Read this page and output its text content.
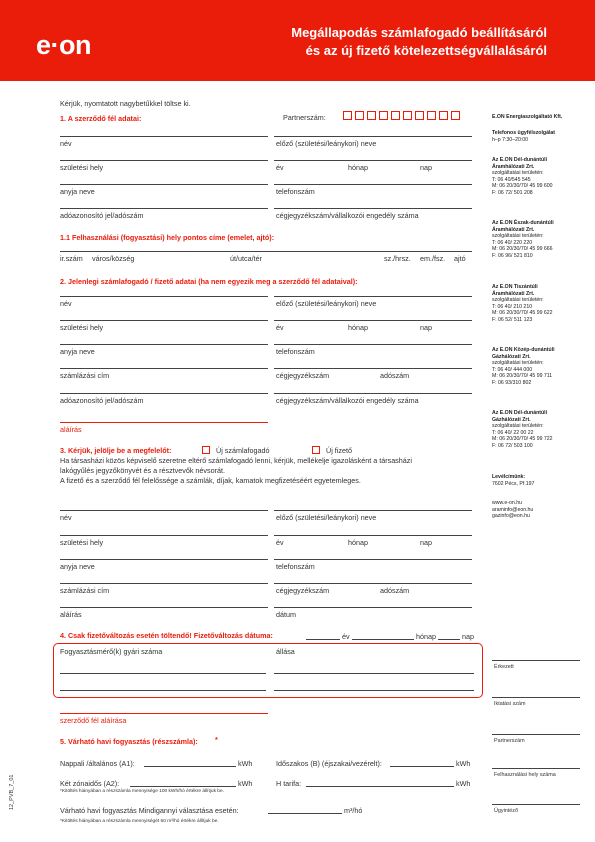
e·on	Megállapodás számlafogadó beállításáról
és az új fizető kötelezettségvállalásáról
Kérjük, nyomtatott nagybetűkkel töltse ki.
1. A szerződő fél adatai:	Partnerszám:
név	előző (születési/leánykori) neve
születési hely	év	hónap	nap
anyja neve	telefonszám
adóazonosító jel/adószám	cégjegyzékszám/vállalkozói engedély száma
1.1 Felhasználási (fogyasztási) hely pontos címe (emelet, ajtó):
ir.szám város/község	út/utca/tér	sz./hrsz. em./fsz. ajtó
2. Jelenlegi számlafogadó / fizető adatai (ha nem egyezik meg a szerződő fél adataival):
név	előző (születési/leánykori) neve
születési hely	év	hónap	nap
anyja neve	telefonszám
számlázási cím	cégjegyzékszám	adószám
adóazonosító jel/adószám	cégjegyzékszám/vállalkozói engedély száma
aláírás
3. Kérjük, jelölje be a megfelelőt:	Új számlafogadó	Új fizető
Ha társasházi közös képviselő szeretne eltérő számlafogadó lenni, kérjük, mellékelje igazolásként a társasházi
lakógyűlés jegyzőkönyvét és a résztvevők névsorát.
A fizető és a szerződő fél felelőssége a számlák, díjak, kamatok megfizetéséért egyetemleges.
név	előző (születési/leánykori) neve
születési hely	év	hónap	nap
anyja neve	telefonszám
számlázási cím	cégjegyzékszám	adószám
aláírás	dátum
4. Csak fizetőváltozás esetén töltendő! Fizetőváltozás dátuma:	év	hónap	nap
Fogyasztásmérő(k) gyári száma	állása
szerződő fél aláírása
5. Várható havi fogyasztás (részszámla): *
Nappali /általános (A1):	kWh	Időszakos (B) (éjszakai/vezérelt):	kWh
Két zónaidős (A2):	kWh	H tarifa:	kWh
*Kitöltés hiányában a részszámla mennyisége 100 kWh/hó értékre állítjuk be.
Várható havi fogyasztás Mindigannyi választása esetén:	m³/hó
*Kitöltés hiányában a részszámla mennyiségét 50 m³/hó értékre állítjuk be.
E.ON Energiaszolgáltató Kft.
Telefonos ügyfélszolgálat
h–p 7:30–20:00
Az E.ON Dél-dunántúli
Áramhálózati Zrt.
szolgáltatási területén:
T: 06 40/545 545
M: 06 20/30/70/ 45 99 600
F: 06 72/ 501 208
Az E.ON Észak-dunántúli
Áramhálózati Zrt.
szolgáltatási területén:
T: 06 40/ 220 220
M: 06 20/30/70/ 45 99 666
F: 06 96/ 521 810
Az E.ON Tiszántúli
Áramhálózati Zrt.
szolgáltatási területén:
T: 06 40/ 210 210
M: 06 20/30/70/ 45 99 622
F: 06 52/ 511 123
Az E.ON Közép-dunántúli
Gázhálózati Zrt.
szolgáltatási területén:
T: 06 40/ 444 000
M: 06 20/30/70/ 45 99 711
F: 06 93/310 802
Az E.ON Dél-dunántúli
Gázhálózati Zrt.
szolgáltatási területén:
T: 06 40/ 22 00 22
M: 06 20/30/70/ 45 99 722
F: 06 72/ 503 100
Levélcímünk:
7602 Pécs, Pf.197
www.e-on.hu
araminfo@eon.hu
gazinfo@eon.hu
Érkezett
Iktatási szám
Partnerszám
Felhasználási hely száma
Ügyintéző
12_PVB_7_01
